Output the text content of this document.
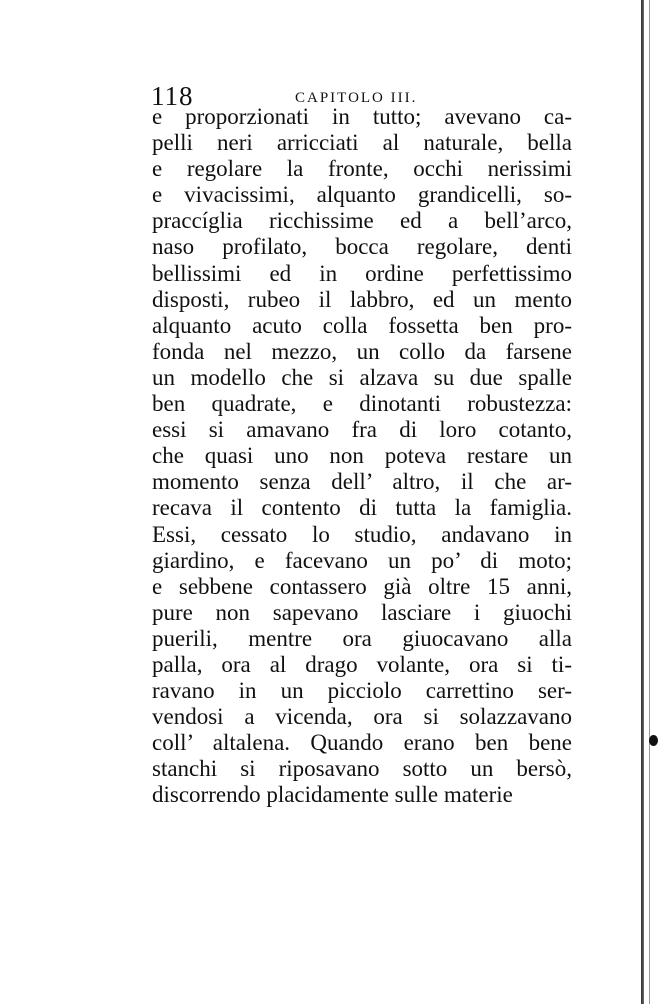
118	CAPITOLO III.
e proporzionati in tutto; avevano ca-
pelli neri arricciati al naturale, bella
e regolare la fronte, occhi nerissimi
e vivacissimi, alquanto grandicelli, so-
praccíglia ricchissime ed a bell’arco,
naso profilato, bocca regolare, denti
bellissimi ed in ordine perfettissimo
disposti, rubeo il labbro, ed un mento
alquanto acuto colla fossetta ben pro-
fonda nel mezzo, un collo da farsene
un modello che si alzava su due spalle
ben quadrate, e dinotanti robustezza:
essi si amavano fra di loro cotanto,
che quasi uno non poteva restare un
momento senza dell’ altro, il che ar-
recava il contento di tutta la famiglia.
Essi, cessato lo studio, andavano in
giardino, e facevano un po’ di moto;
e sebbene contassero già oltre 15 anni,
pure non sapevano lasciare i giuochi
puerili, mentre ora giuocavano alla
palla, ora al drago volante, ora si ti-
ravano in un picciolo carrettino ser-
vendosi a vicenda, ora si solazzavano
coll’ altalena. Quando erano ben bene
stanchi si riposavano sotto un bersò,
discorrendo placidamente sulle materie
